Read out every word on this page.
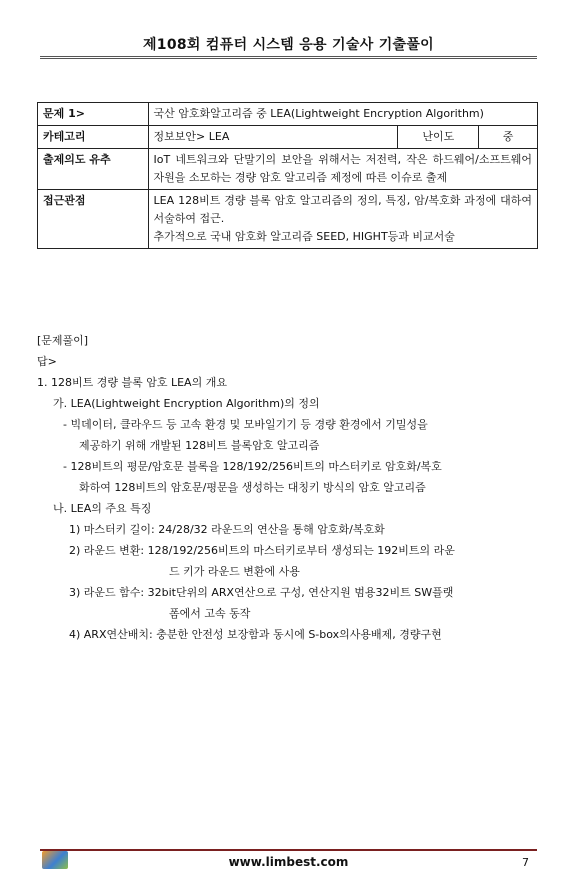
제108회 컴퓨터 시스템 응용 기술사 기출풀이
문제 1>	국산 암호화알고리즘 중 LEA(Lightweight Encryption Algorithm)		
카테고리	정보보안> LEA	난이도	중
출제의도 유추	IoT 네트워크와 단말기의 보안을 위해서는 저전력, 작은 하드웨어/소프트웨어 자원을 소모하는 경량 암호 알고리즘 제정에 따른 이슈로 출제		
접근관점	LEA 128비트 경량 블록 암호 알고리즘의 정의, 특징, 암/복호화 과정에 대하여 서술하여 접근.
추가적으로 국내 암호화 알고리즘 SEED, HIGHT등과 비교서술		
[문제풀이]
답>
1. 128비트 경량 블록 암호 LEA의 개요
가. LEA(Lightweight Encryption Algorithm)의 정의
- 빅데이터, 클라우드 등 고속 환경 및 모바일기기 등 경량 환경에서 기밀성을
제공하기 위해 개발된 128비트 블록암호 알고리즘
- 128비트의 평문/암호문 블록을 128/192/256비트의 마스터키로 암호화/복호
화하여 128비트의 암호문/평문을 생성하는 대칭키 방식의 암호 알고리즘
나. LEA의 주요 특징
1) 마스터키 길이: 24/28/32 라운드의 연산을 통해 암호화/복호화
2) 라운드 변환: 128/192/256비트의 마스터키로부터 생성되는 192비트의 라운
드 키가 라운드 변환에 사용
3) 라운드 함수: 32bit단위의 ARX연산으로 구성, 연산지원 범용32비트 SW플랫
폼에서 고속 동작
4) ARX연산배치: 충분한 안전성 보장함과 동시에 S-box의사용배제, 경량구현
www.limbest.com	7
